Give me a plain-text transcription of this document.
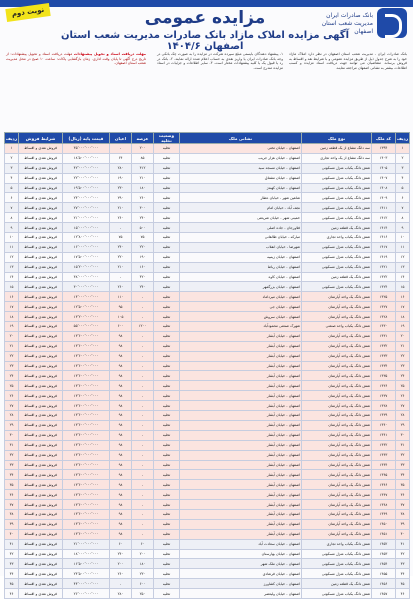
نوبت دوم	بانک صادرات ایران
مدیریت شعب استان اصفهان
مزایده عمومی
آگهی مزایده املاک مازاد بانک صادرات مدیریت شعب استان اصفهان ۱۴۰۴/۶
بانک صادرات ایران - مدیریت شعب استان اصفهان در نظر دارد املاک مازاد خود را به شرح جدول ذیل از طریق مزایده عمومی و با شرایط نقد و اقساط به فروش برساند. متقاضیان می توانند جهت دریافت اسناد مزایده و کسب اطلاعات بیشتر به نشانی اصفهان مراجعه نمایند.
۱- پیشنهاد دهندگان بایستی مبلغ سپرده شرکت در مزایده را به صورت چک بانکی در وجه بانک صادرات ایران یا واریز نقدی به حساب اعلام شده ارائه نمایند. ۲- بانک در رد یا قبول یک یا کلیه پیشنهادات مختار است. ۳- سایر اطلاعات و جزئیات در اسناد مزایده مندرج است.
مهلت دریافت اسناد و تحویل پیشنهادات مهلت دریافت اسناد و تحویل پیشنهادات: از تاریخ درج آگهی تا پایان وقت اداری. زمان بازگشایی پاکات: ساعت ۱۰ صبح در محل مدیریت شعب استان اصفهان.
ردیف	کد ملک	نوع ملک	نشانی ملک	وضعیت تخلیه	عرصه	اعیان	قیمت پایه (ریال)	شرایط فروش	ردیف
۱	۱۳۹۴	سه دانگ مشاع از یک قطعه زمین	اصفهان - خیابان تختی	تخلیه	۲۰۰	-	۳۵٬۰۰۰٬۰۰۰٬۰۰۰	فروش نقدی و اقساط	۱
۲	۱۴۰۳	سه دانگ مشاع از یک واحد تجاری	اصفهان - خیابان هزار جریب	تخلیه	۸۵	۶۴	۱۸٬۵۰۰٬۰۰۰٬۰۰۰	فروش نقدی و اقساط	۲
۳	۱۴۰۵	شش دانگ یکباب منزل مسکونی	اصفهان - خیابان مسجد سید	تخلیه	۳۱۲	۲۸۰	۴۲٬۰۰۰٬۰۰۰٬۰۰۰	فروش نقدی و اقساط	۳
۴	۱۴۰۷	شش دانگ یکباب منزل مسکونی	اصفهان - خیابان مشتاق	تخلیه	۲۱۰	۱۹۰	۲۲٬۰۰۰٬۰۰۰٬۰۰۰	فروش نقدی و اقساط	۴
۵	۱۴۰۸	شش دانگ یکباب منزل مسکونی	اصفهان - خیابان کهندژ	تخلیه	۱۸۰	۲۳۰	۱۹٬۵۰۰٬۰۰۰٬۰۰۰	فروش نقدی و اقساط	۵
۶	۱۴۰۹	شش دانگ یکباب منزل مسکونی	شاهین شهر - خیابان عطار	تخلیه	۲۶۰	۲۹۰	۲۴٬۰۰۰٬۰۰۰٬۰۰۰	فروش نقدی و اقساط	۶
۷	۱۴۱۱	شش دانگ یکباب منزل مسکونی	نجف آباد - خیابان امام	تخلیه	۳۰۰	۲۱۰	۲۷٬۰۰۰٬۰۰۰٬۰۰۰	فروش نقدی و اقساط	۷
۸	۱۴۱۲	شش دانگ یکباب منزل مسکونی	خمینی شهر - خیابان شریعتی	تخلیه	۲۴۰	۲۶۰	۲۱٬۰۰۰٬۰۰۰٬۰۰۰	فروش نقدی و اقساط	۸
۹	۱۴۱۴	شش دانگ یک قطعه زمین	فلاورجان - جاده اصلی	تخلیه	۵۰۰	-	۱۵٬۰۰۰٬۰۰۰٬۰۰۰	فروش نقدی و اقساط	۹
۱۰	۱۴۱۶	شش دانگ یکباب واحد تجاری	مبارکه - خیابان طالقانی	تخلیه	۷۵	۷۵	۱۲٬۸۰۰٬۰۰۰٬۰۰۰	فروش نقدی و اقساط	۱۰
۱۱	۱۴۱۷	شش دانگ یکباب منزل مسکونی	شهرضا - خیابان انقلاب	تخلیه	۲۲۰	۲۴۰	۱۶٬۰۰۰٬۰۰۰٬۰۰۰	فروش نقدی و اقساط	۱۱
۱۲	۱۴۱۹	شش دانگ یکباب منزل مسکونی	اصفهان - خیابان زینبیه	تخلیه	۱۹۰	۲۲۰	۱۷٬۵۰۰٬۰۰۰٬۰۰۰	فروش نقدی و اقساط	۱۲
۱۳	۱۴۲۱	شش دانگ یکباب منزل مسکونی	اصفهان - خیابان رباط	تخلیه	۱۶۰	۲۱۰	۱۵٬۲۰۰٬۰۰۰٬۰۰۰	فروش نقدی و اقساط	۱۳
۱۴	۱۴۲۲	شش دانگ یک قطعه زمین	اصفهان - خیابان کاوه	تخلیه	۴۲۰	-	۳۸٬۰۰۰٬۰۰۰٬۰۰۰	فروش نقدی و اقساط	۱۴
۱۵	۱۴۲۴	شش دانگ یکباب منزل مسکونی	اصفهان - خیابان بزرگمهر	تخلیه	۲۴۰	۲۶۰	۳۰٬۰۰۰٬۰۰۰٬۰۰۰	فروش نقدی و اقساط	۱۵
۱۶	۱۴۲۵	شش دانگ یک واحد آپارتمان	اصفهان - خیابان میرداماد	تخلیه	-	۱۱۰	۱۴٬۰۰۰٬۰۰۰٬۰۰۰	فروش نقدی و اقساط	۱۶
۱۷	۱۴۲۷	شش دانگ یک واحد آپارتمان	اصفهان - خیابان جی	تخلیه	-	۹۵	۱۲٬۵۰۰٬۰۰۰٬۰۰۰	فروش نقدی و اقساط	۱۷
۱۸	۱۴۲۸	شش دانگ یک واحد آپارتمان	اصفهان - خیابان سروش	تخلیه	-	۱۰۵	۱۳٬۲۰۰٬۰۰۰٬۰۰۰	فروش نقدی و اقساط	۱۸
۱۹	۱۴۳۰	شش دانگ یکباب واحد صنعتی	شهرک صنعتی محمودآباد	تخلیه	۱۲۰۰	۶۰۰	۵۵٬۰۰۰٬۰۰۰٬۰۰۰	فروش نقدی و اقساط	۱۹
۲۰	۱۴۳۱	شش دانگ یک واحد آپارتمان	اصفهان - خیابان آبشار	تخلیه	-	۹۸	۱۳٬۶۰۰٬۰۰۰٬۰۰۰	فروش نقدی و اقساط	۲۰
۲۱	۱۴۳۲	شش دانگ یک واحد آپارتمان	اصفهان - خیابان آبشار	تخلیه	-	۹۸	۱۳٬۶۰۰٬۰۰۰٬۰۰۰	فروش نقدی و اقساط	۲۱
۲۲	۱۴۳۳	شش دانگ یک واحد آپارتمان	اصفهان - خیابان آبشار	تخلیه	-	۹۸	۱۳٬۶۰۰٬۰۰۰٬۰۰۰	فروش نقدی و اقساط	۲۲
۲۳	۱۴۳۴	شش دانگ یک واحد آپارتمان	اصفهان - خیابان آبشار	تخلیه	-	۹۸	۱۳٬۶۰۰٬۰۰۰٬۰۰۰	فروش نقدی و اقساط	۲۳
۲۴	۱۴۳۵	شش دانگ یک واحد آپارتمان	اصفهان - خیابان آبشار	تخلیه	-	۹۸	۱۳٬۶۰۰٬۰۰۰٬۰۰۰	فروش نقدی و اقساط	۲۴
۲۵	۱۴۳۶	شش دانگ یک واحد آپارتمان	اصفهان - خیابان آبشار	تخلیه	-	۹۸	۱۳٬۶۰۰٬۰۰۰٬۰۰۰	فروش نقدی و اقساط	۲۵
۲۶	۱۴۳۷	شش دانگ یک واحد آپارتمان	اصفهان - خیابان آبشار	تخلیه	-	۹۸	۱۳٬۶۰۰٬۰۰۰٬۰۰۰	فروش نقدی و اقساط	۲۶
۲۷	۱۴۳۸	شش دانگ یک واحد آپارتمان	اصفهان - خیابان آبشار	تخلیه	-	۹۸	۱۳٬۶۰۰٬۰۰۰٬۰۰۰	فروش نقدی و اقساط	۲۷
۲۸	۱۴۳۹	شش دانگ یک واحد آپارتمان	اصفهان - خیابان آبشار	تخلیه	-	۹۸	۱۳٬۶۰۰٬۰۰۰٬۰۰۰	فروش نقدی و اقساط	۲۸
۲۹	۱۴۴۰	شش دانگ یک واحد آپارتمان	اصفهان - خیابان آبشار	تخلیه	-	۹۸	۱۳٬۶۰۰٬۰۰۰٬۰۰۰	فروش نقدی و اقساط	۲۹
۳۰	۱۴۴۱	شش دانگ یک واحد آپارتمان	اصفهان - خیابان آبشار	تخلیه	-	۹۸	۱۳٬۶۰۰٬۰۰۰٬۰۰۰	فروش نقدی و اقساط	۳۰
۳۱	۱۴۴۲	شش دانگ یک واحد آپارتمان	اصفهان - خیابان آبشار	تخلیه	-	۹۸	۱۳٬۶۰۰٬۰۰۰٬۰۰۰	فروش نقدی و اقساط	۳۱
۳۲	۱۴۴۳	شش دانگ یک واحد آپارتمان	اصفهان - خیابان آبشار	تخلیه	-	۹۸	۱۳٬۶۰۰٬۰۰۰٬۰۰۰	فروش نقدی و اقساط	۳۲
۳۳	۱۴۴۴	شش دانگ یک واحد آپارتمان	اصفهان - خیابان آبشار	تخلیه	-	۹۸	۱۳٬۶۰۰٬۰۰۰٬۰۰۰	فروش نقدی و اقساط	۳۳
۳۴	۱۴۴۵	شش دانگ یک واحد آپارتمان	اصفهان - خیابان آبشار	تخلیه	-	۹۸	۱۳٬۶۰۰٬۰۰۰٬۰۰۰	فروش نقدی و اقساط	۳۴
۳۵	۱۴۴۶	شش دانگ یک واحد آپارتمان	اصفهان - خیابان آبشار	تخلیه	-	۹۸	۱۳٬۶۰۰٬۰۰۰٬۰۰۰	فروش نقدی و اقساط	۳۵
۳۶	۱۴۴۷	شش دانگ یک واحد آپارتمان	اصفهان - خیابان آبشار	تخلیه	-	۹۸	۱۳٬۶۰۰٬۰۰۰٬۰۰۰	فروش نقدی و اقساط	۳۶
۳۷	۱۴۴۸	شش دانگ یک واحد آپارتمان	اصفهان - خیابان آبشار	تخلیه	-	۹۸	۱۳٬۶۰۰٬۰۰۰٬۰۰۰	فروش نقدی و اقساط	۳۷
۳۸	۱۴۴۹	شش دانگ یک واحد آپارتمان	اصفهان - خیابان آبشار	تخلیه	-	۹۸	۱۳٬۶۰۰٬۰۰۰٬۰۰۰	فروش نقدی و اقساط	۳۸
۳۹	۱۴۵۰	شش دانگ یک واحد آپارتمان	اصفهان - خیابان آبشار	تخلیه	-	۹۸	۱۳٬۶۰۰٬۰۰۰٬۰۰۰	فروش نقدی و اقساط	۳۹
۴۰	۱۴۵۱	شش دانگ یک واحد آپارتمان	اصفهان - خیابان آبشار	تخلیه	-	۹۸	۱۳٬۶۰۰٬۰۰۰٬۰۰۰	فروش نقدی و اقساط	۴۰
۴۱	۱۴۵۲	شش دانگ یکباب واحد تجاری	اصفهان - خیابان سعادت آباد	تخلیه	۶۰	۶۰	۲۱٬۰۰۰٬۰۰۰٬۰۰۰	فروش نقدی و اقساط	۴۱
۴۲	۱۴۵۳	شش دانگ یکباب منزل مسکونی	اصفهان - خیابان بهارستان	تخلیه	۲۰۰	۲۴۰	۱۸٬۰۰۰٬۰۰۰٬۰۰۰	فروش نقدی و اقساط	۴۲
۴۳	۱۴۵۴	شش دانگ یکباب منزل مسکونی	اصفهان - خیابان ملک شهر	تخلیه	۱۸۰	۲۰۰	۱۶٬۵۰۰٬۰۰۰٬۰۰۰	فروش نقدی و اقساط	۴۳
۴۴	۱۴۵۵	شش دانگ یکباب منزل مسکونی	اصفهان - خیابان فرشادی	تخلیه	۲۳۰	۲۶۰	۲۴٬۵۰۰٬۰۰۰٬۰۰۰	فروش نقدی و اقساط	۴۴
۴۵	۱۴۵۶	شش دانگ یک قطعه زمین	اصفهان - خیابان کشاورز	تخلیه	۶۰۰	-	۴۴٬۰۰۰٬۰۰۰٬۰۰۰	فروش نقدی و اقساط	۴۵
۴۶	۱۴۵۷	شش دانگ یکباب منزل مسکونی	اصفهان - خیابان ولیعصر	تخلیه	۲۵۰	۲۸۰	۲۶٬۰۰۰٬۰۰۰٬۰۰۰	فروش نقدی و اقساط	۴۶
